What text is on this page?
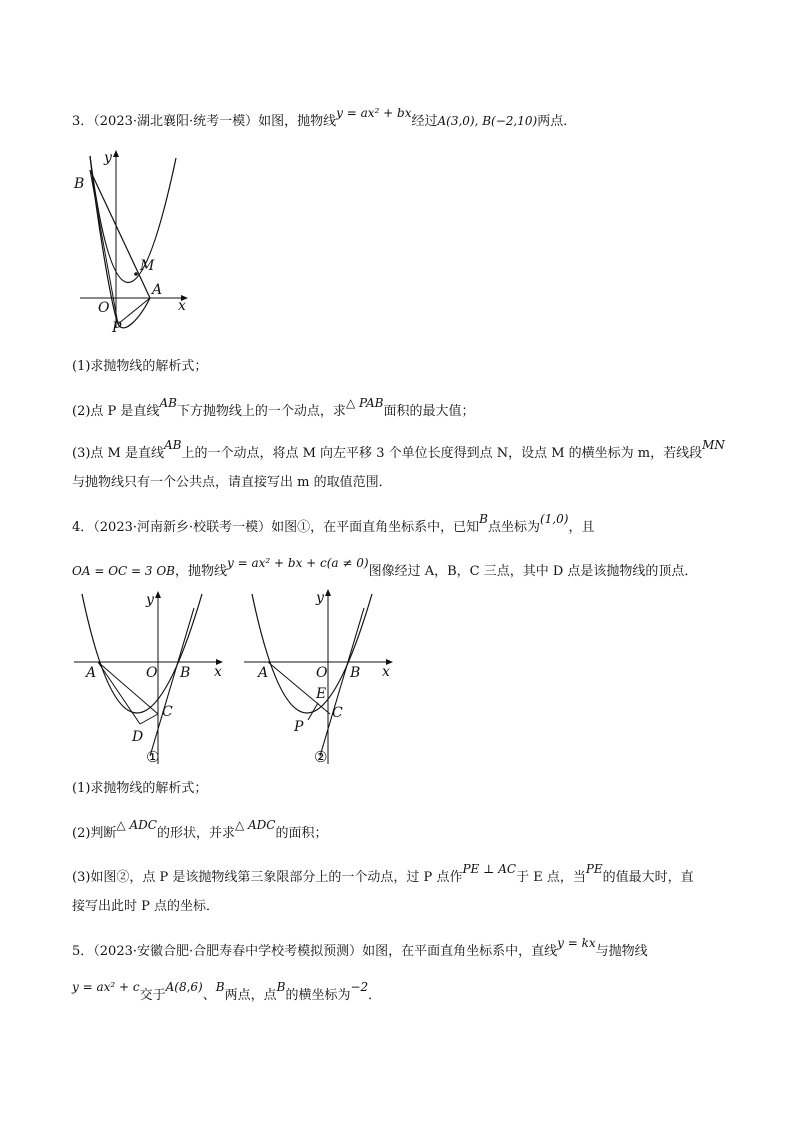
3．（2023·湖北襄阳·统考一模）如图，抛物线y = ax² + bx经过A(3,0), B(−2,10)两点．
y
B
M
A
x
O
P
(1)求抛物线的解析式；
(2)点 P 是直线AB下方抛物线上的一个动点，求△ PAB面积的最大值；
(3)点 M 是直线AB上的一个动点，将点 M 向左平移 3 个单位长度得到点 N，设点 M 的横坐标为 m，若线段MN
与抛物线只有一个公共点，请直接写出 m 的取值范围．
4．（2023·河南新乡·校联考一模）如图①，在平面直角坐标系中，已知B点坐标为(1,0)，且
OA = OC = 3 OB，抛物线y = ax² + bx + c(a ≠ 0)图像经过 A，B，C 三点，其中 D 点是该抛物线的顶点．
y
x
A	O B
C
D
①
y
x
A	O B
E
C
P
②
(1)求抛物线的解析式；
(2)判断△ ADC的形状，并求△ ADC的面积；
(3)如图②，点 P 是该抛物线第三象限部分上的一个动点，过 P 点作PE ⊥ AC于 E 点，当PE的值最大时，直
接写出此时 P 点的坐标．
5．（2023·安徽合肥·合肥寿春中学校考模拟预测）如图，在平面直角坐标系中，直线y = kx与抛物线
y = ax² + c交于A(8,6)、B两点，点B的横坐标为−2．
